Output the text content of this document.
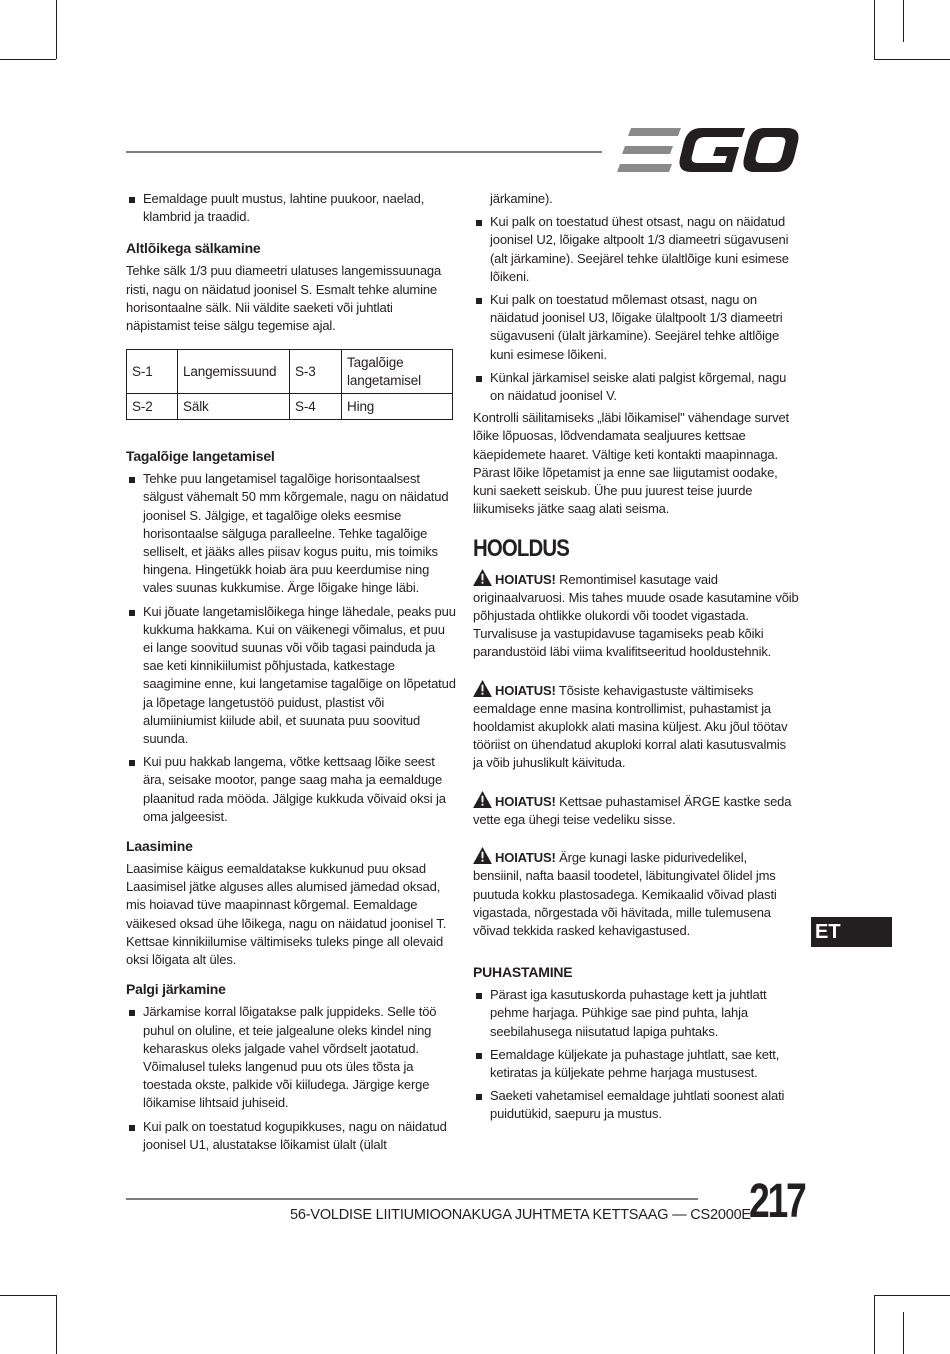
EGO
Eemaldage puult mustus, lahtine puukoor, naelad, klambrid ja traadid.
Altlõikega sälkamine

Tehke sälk 1/3 puu diameetri ulatuses langemissuunaga risti, nagu on näidatud joonisel S. Esmalt tehke alumine horisontaalne sälk. Nii väldite saeketi või juhtlati näpistamist teise sälgu tegemise ajal.

S-1	Langemissuund	S-3	Tagalõige langetamisel
S-2	Sälk	S-4	Hing
Tagalõige langetamisel
Tehke puu langetamisel tagalõige horisontaalsest sälgust vähemalt 50 mm kõrgemale, nagu on näidatud joonisel S. Jälgige, et tagalõige oleks eesmise horisontaalse sälguga paralleelne. Tehke tagalõige selliselt, et jääks alles piisav kogus puitu, mis toimiks hingena. Hingetükk hoiab ära puu keerdumise ning vales suunas kukkumise. Ärge lõigake hinge läbi.
Kui jõuate langetamislõikega hinge lähedale, peaks puu kukkuma hakkama. Kui on väikenegi võimalus, et puu ei lange soovitud suunas või võib tagasi painduda ja sae keti kinnikiilumist põhjustada, katkestage saagimine enne, kui langetamise tagalõige on lõpetatud ja lõpetage langetustöö puidust, plastist või alumiiniumist kiilude abil, et suunata puu soovitud suunda.
Kui puu hakkab langema, võtke kettsaag lõike seest ära, seisake mootor, pange saag maha ja eemalduge plaanitud rada mööda. Jälgige kukkuda võivaid oksi ja oma jalgeesist.
Laasimine

Laasimise käigus eemaldatakse kukkunud puu oksad Laasimisel jätke alguses alles alumised jämedad oksad, mis hoiavad tüve maapinnast kõrgemal. Eemaldage väikesed oksad ühe lõikega, nagu on näidatud joonisel T. Kettsae kinnikiilumise vältimiseks tuleks pinge all olevaid oksi lõigata alt üles.

Palgi järkamine
Järkamise korral lõigatakse palk juppideks. Selle töö puhul on oluline, et teie jalgealune oleks kindel ning keharaskus oleks jalgade vahel võrdselt jaotatud. Võimalusel tuleks langenud puu ots üles tõsta ja toestada okste, palkide või kiiludega. Järgige kerge lõikamise lihtsaid juhiseid.
Kui palk on toestatud kogupikkuses, nagu on näidatud joonisel U1, alustatakse lõikamist ülalt (ülalt

järkamine).

Kui palk on toestatud ühest otsast, nagu on näidatud joonisel U2, lõigake altpoolt 1/3 diameetri sügavuseni (alt järkamine). Seejärel tehke ülaltlõige kuni esimese lõikeni.
Kui palk on toestatud mõlemast otsast, nagu on näidatud joonisel U3, lõigake ülaltpoolt 1/3 diameetri sügavuseni (ülalt järkamine). Seejärel tehke altlõige kuni esimese lõikeni.
Künkal järkamisel seiske alati palgist kõrgemal, nagu on näidatud joonisel V.

Kontrolli säilitamiseks „läbi lõikamisel" vähendage survet lõike lõpuosas, lõdvendamata sealjuures kettsae käepidemete haaret. Vältige keti kontakti maapinnaga. Pärast lõike lõpetamist ja enne sae liigutamist oodake, kuni saekett seiskub. Ühe puu juurest teise juurde liikumiseks jätke saag alati seisma.

HOOLDUS

HOIATUS! Remontimisel kasutage vaid originaalvaruosi. Mis tahes muude osade kasutamine võib põhjustada ohtlikke olukordi või toodet vigastada. Turvalisuse ja vastupidavuse tagamiseks peab kõiki parandustöid läbi viima kvalifitseeritud hooldustehnik.

HOIATUS! Tõsiste kehavigastuste vältimiseks eemaldage enne masina kontrollimist, puhastamist ja hooldamist akuplokk alati masina küljest. Aku jõul töötav tööriist on ühendatud akuploki korral alati kasutusvalmis ja võib juhuslikult käivituda.

HOIATUS! Kettsae puhastamisel ÄRGE kastke seda vette ega ühegi teise vedeliku sisse.

HOIATUS! Ärge kunagi laske pidurivedelikel, bensiinil, nafta baasil toodetel, läbitungivatel õlidel jms puutuda kokku plastosadega. Kemikaalid võivad plasti vigastada, nõrgestada või hävitada, mille tulemusena võivad tekkida rasked kehavigastused.

PUHASTAMINE
Pärast iga kasutuskorda puhastage kett ja juhtlatt pehme harjaga. Pühkige sae pind puhta, lahja seebilahusega niisutatud lapiga puhtaks.
Eemaldage küljekate ja puhastage juhtlatt, sae kett, ketiratas ja küljekate pehme harjaga mustusest.
Saeketi vahetamisel eemaldage juhtlati soonest alati puidutükid, saepuru ja mustus.
ET
56-VOLDISE LIITIUMIOONAKUGA JUHTMETA KETTSAAG — CS2000E
217
